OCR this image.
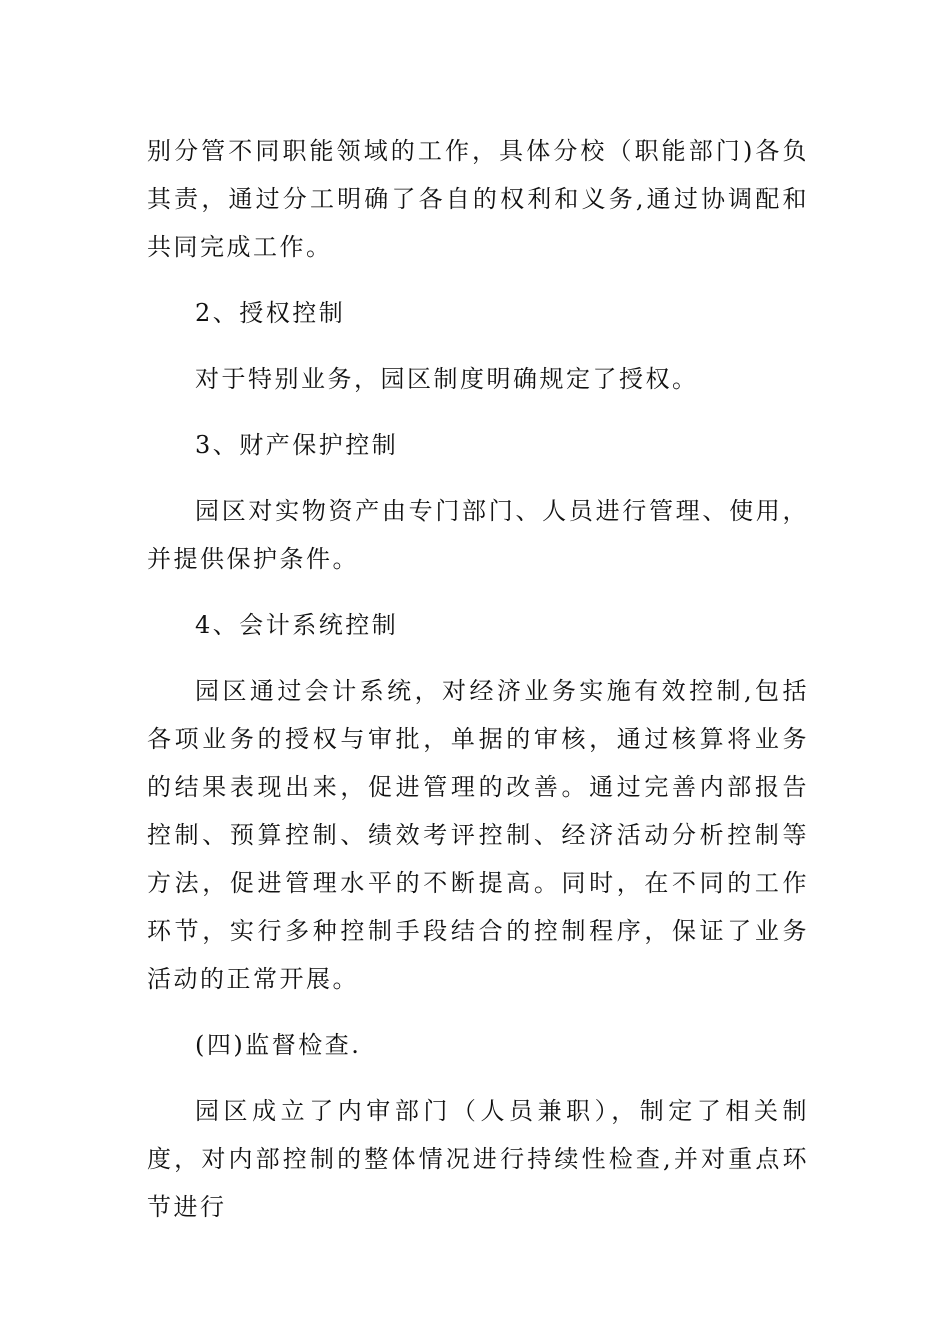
别分管不同职能领域的工作，具体分校（职能部门)各负其责，通过分工明确了各自的权利和义务,通过协调配和共同完成工作。

2、授权控制

对于特别业务，园区制度明确规定了授权。

3、财产保护控制

园区对实物资产由专门部门、人员进行管理、使用，并提供保护条件。

4、会计系统控制

园区通过会计系统，对经济业务实施有效控制,包括各项业务的授权与审批，单据的审核，通过核算将业务的结果表现出来，促进管理的改善。通过完善内部报告控制、预算控制、绩效考评控制、经济活动分析控制等方法，促进管理水平的不断提高。同时，在不同的工作环节，实行多种控制手段结合的控制程序，保证了业务活动的正常开展。

(四)监督检查.

园区成立了内审部门（人员兼职），制定了相关制度，对内部控制的整体情况进行持续性检查,并对重点环节进行
